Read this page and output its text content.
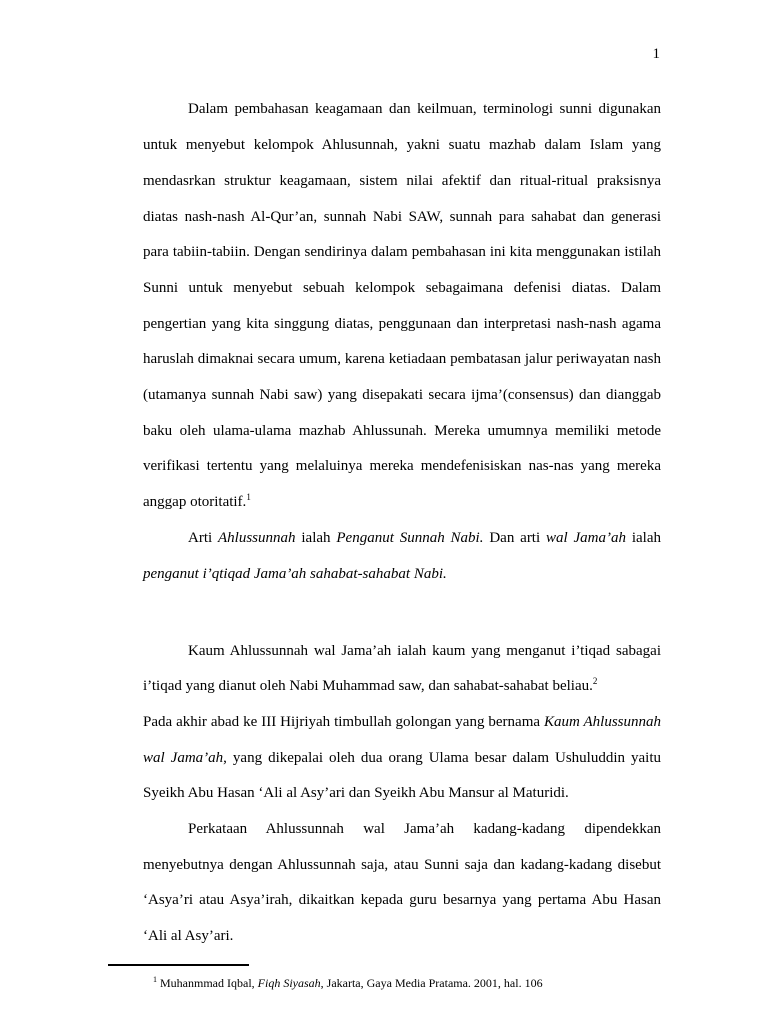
1
Dalam pembahasan keagamaan dan keilmuan, terminologi sunni digunakan
untuk menyebut kelompok Ahlusunnah, yakni suatu mazhab dalam Islam yang
mendasrkan struktur keagamaan, sistem nilai afektif dan ritual-ritual praksisnya
diatas nash-nash Al-Qur’an, sunnah Nabi SAW, sunnah para sahabat dan generasi
para tabiin-tabiin. Dengan sendirinya dalam pembahasan ini kita menggunakan istilah
Sunni untuk menyebut sebuah kelompok sebagaimana defenisi diatas. Dalam
pengertian yang kita singgung diatas, penggunaan dan interpretasi nash-nash agama
haruslah dimaknai secara umum, karena ketiadaan pembatasan jalur periwayatan nash
(utamanya sunnah Nabi saw) yang disepakati secara ijma’(consensus) dan dianggab
baku oleh ulama-ulama mazhab Ahlussunah. Mereka umumnya memiliki metode
verifikasi tertentu yang melaluinya mereka mendefenisiskan nas-nas yang mereka
anggap otoritatif.$^1$
Arti Ahlussunnah ialah Penganut Sunnah Nabi. Dan arti wal Jama’ah ialah
penganut i’qtiqad Jama’ah sahabat-sahabat Nabi.
Kaum Ahlussunnah wal Jama’ah ialah kaum yang menganut i’tiqad sabagai
i’tiqad yang dianut oleh Nabi Muhammad saw, dan sahabat-sahabat beliau.$^2$
Pada akhir abad ke III Hijriyah timbullah golongan yang bernama Kaum Ahlussunnah
wal Jama’ah, yang dikepalai oleh dua orang Ulama besar dalam Ushuluddin yaitu
Syeikh Abu Hasan ‘Ali al Asy’ari dan Syeikh Abu Mansur al Maturidi.
Perkataan Ahlussunnah wal Jama’ah kadang-kadang dipendekkan
menyebutnya dengan Ahlussunnah saja, atau Sunni saja dan kadang-kadang disebut
‘Asya’ri atau Asya’irah, dikaitkan kepada guru besarnya yang pertama Abu Hasan
‘Ali al Asy’ari.
$^1$ Muhanmmad Iqbal, Fiqh Siyasah, Jakarta, Gaya Media Pratama. 2001, hal. 106
